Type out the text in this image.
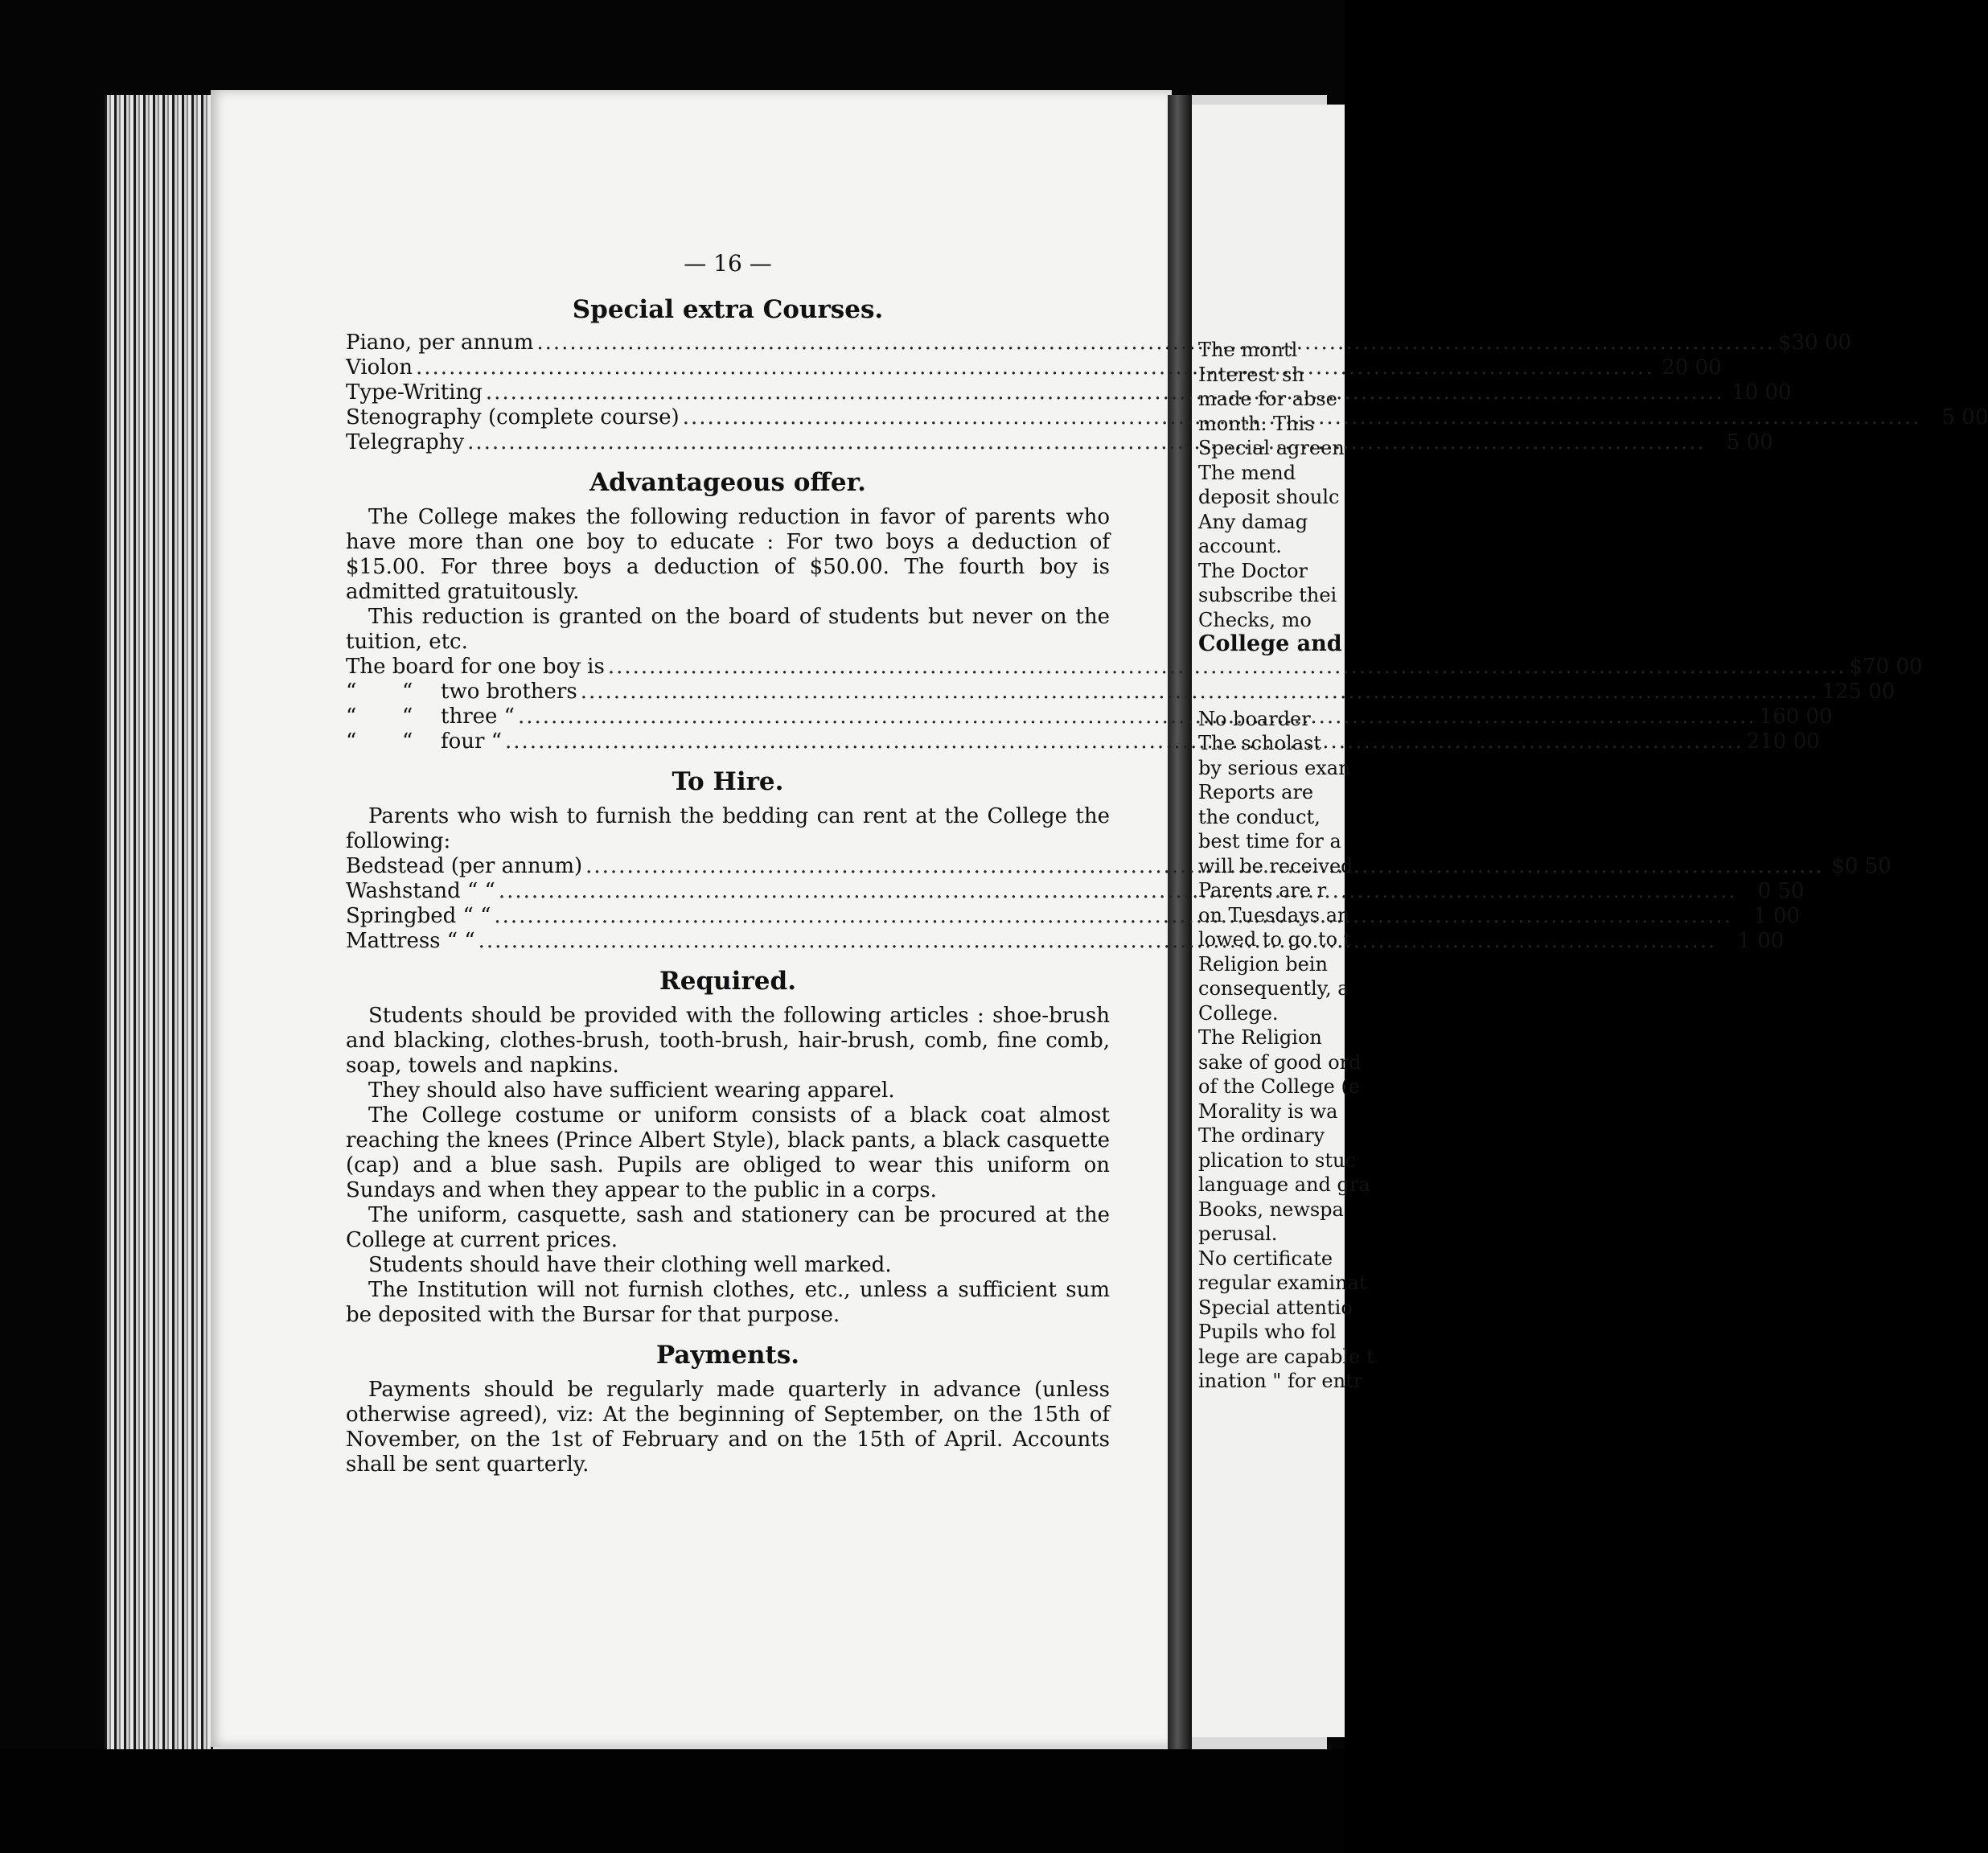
— 16 —
Special extra Courses.
Piano, per annum .....	$30 00
Violon .....	20 00
Type-Writing .....	10 00
Stenography (complete course) .....	5 00
Telegraphy .....	5 00
Advantageous offer.

The College makes the following reduction in favor of parents who have more than one boy to educate : For two boys a deduction of $15.00. For three boys a deduction of $50.00. The fourth boy is admitted gratuitously.

This reduction is granted on the board of students but never on the tuition, etc.

The board for one boy is .....	$70 00
“ “ two brothers .....	125 00
“ “ three “ .....	160 00
“ “ four “ .....	210 00
To Hire.

Parents who wish to furnish the bedding can rent at the College the following:

Bedstead (per annum) .....	$0 50
Washstand “ “ .....	0 50
Springbed “ “ .....	1 00
Mattress “ “ .....	1 00
Required.

Students should be provided with the following articles : shoe-brush and blacking, clothes-brush, tooth-brush, hair-brush, comb, fine comb, soap, towels and napkins.

They should also have sufficient wearing apparel.

The College costume or uniform consists of a black coat almost reaching the knees (Prince Albert Style), black pants, a black casquette (cap) and a blue sash. Pupils are obliged to wear this uniform on Sundays and when they appear to the public in a corps.

The uniform, casquette, sash and stationery can be procured at the College at current prices.

Students should have their clothing well marked.

The Institution will not furnish clothes, etc., unless a sufficient sum be deposited with the Bursar for that purpose.

Payments.

Payments should be regularly made quarterly in advance (unless otherwise agreed), viz: At the beginning of September, on the 15th of November, on the 1st of February and on the 15th of April. Accounts shall be sent quarterly.

The montl
Interest sh
made for abse
month. This
Special agreen
The mend
deposit shoulc
Any damag
account.
The Doctor
subscribe thei
Checks, mo
College and
No boarder
The scholast
by serious exan
Reports are
the conduct,
best time for a
will be received
Parents are r
on Tuesdays an
lowed to go to t
Religion bein
consequently, a
College.
The Religion
sake of good ord
of the College (e
Morality is wa
The ordinary
plication to stuc
language and gra
Books, newspa
perusal.
No certificate
regular examinat
Special attentio
Pupils who fol
lege are capable t
ination " for entr
